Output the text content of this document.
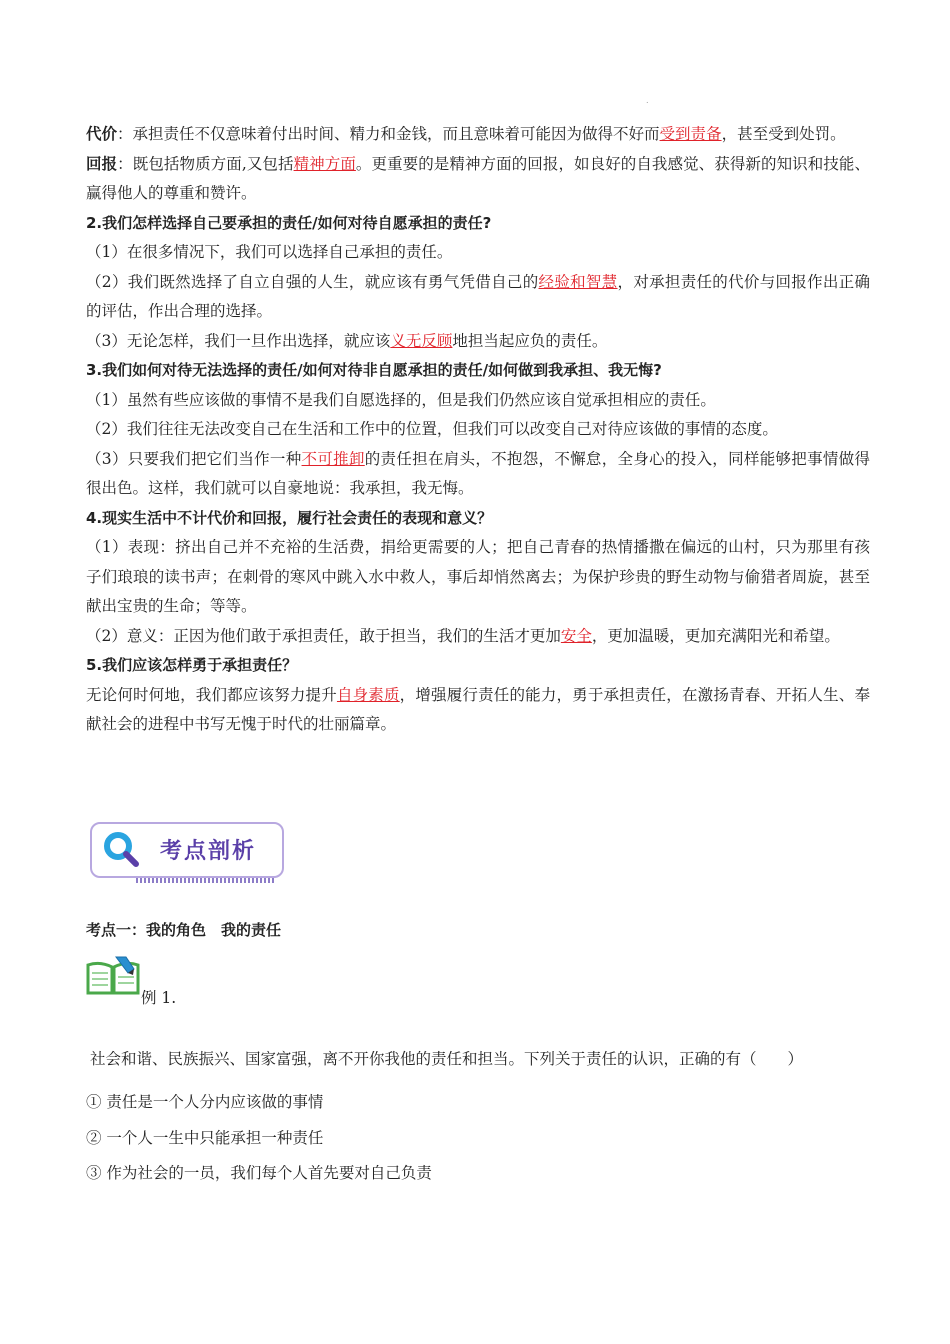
.

代价：承担责任不仅意味着付出时间、精力和金钱，而且意味着可能因为做得不好而受到责备，甚至受到处罚。

回报：既包括物质方面,又包括精神方面。更重要的是精神方面的回报，如良好的自我感觉、获得新的知识和技能、赢得他人的尊重和赞许。

2.我们怎样选择自己要承担的责任/如何对待自愿承担的责任?

（1）在很多情况下，我们可以选择自己承担的责任。

（2）我们既然选择了自立自强的人生，就应该有勇气凭借自己的经验和智慧，对承担责任的代价与回报作出正确的评估，作出合理的选择。

（3）无论怎样，我们一旦作出选择，就应该义无反顾地担当起应负的责任。

3.我们如何对待无法选择的责任/如何对待非自愿承担的责任/如何做到我承担、我无悔?

（1）虽然有些应该做的事情不是我们自愿选择的，但是我们仍然应该自觉承担相应的责任。

（2）我们往往无法改变自己在生活和工作中的位置，但我们可以改变自己对待应该做的事情的态度。

（3）只要我们把它们当作一种不可推卸的责任担在肩头，不抱怨，不懈怠，全身心的投入，同样能够把事情做得很出色。这样，我们就可以自豪地说：我承担，我无悔。

4.现实生活中不计代价和回报，履行社会责任的表现和意义？

（1）表现：挤出自己并不充裕的生活费，捐给更需要的人；把自己青春的热情播撒在偏远的山村，只为那里有孩子们琅琅的读书声；在刺骨的寒风中跳入水中救人，事后却悄然离去；为保护珍贵的野生动物与偷猎者周旋，甚至献出宝贵的生命；等等。

（2）意义：正因为他们敢于承担责任，敢于担当，我们的生活才更加安全，更加温暖，更加充满阳光和希望。

5.我们应该怎样勇于承担责任？

无论何时何地，我们都应该努力提升自身素质，增强履行责任的能力，勇于承担责任，在激扬青春、开拓人生、奉献社会的进程中书写无愧于时代的壮丽篇章。

考点剖析

考点一：我的角色　我的责任

例 1.

社会和谐、民族振兴、国家富强，离不开你我他的责任和担当。下列关于责任的认识，正确的有（　　）

① 责任是一个人分内应该做的事情
② 一个人一生中只能承担一种责任
③ 作为社会的一员，我们每个人首先要对自己负责
